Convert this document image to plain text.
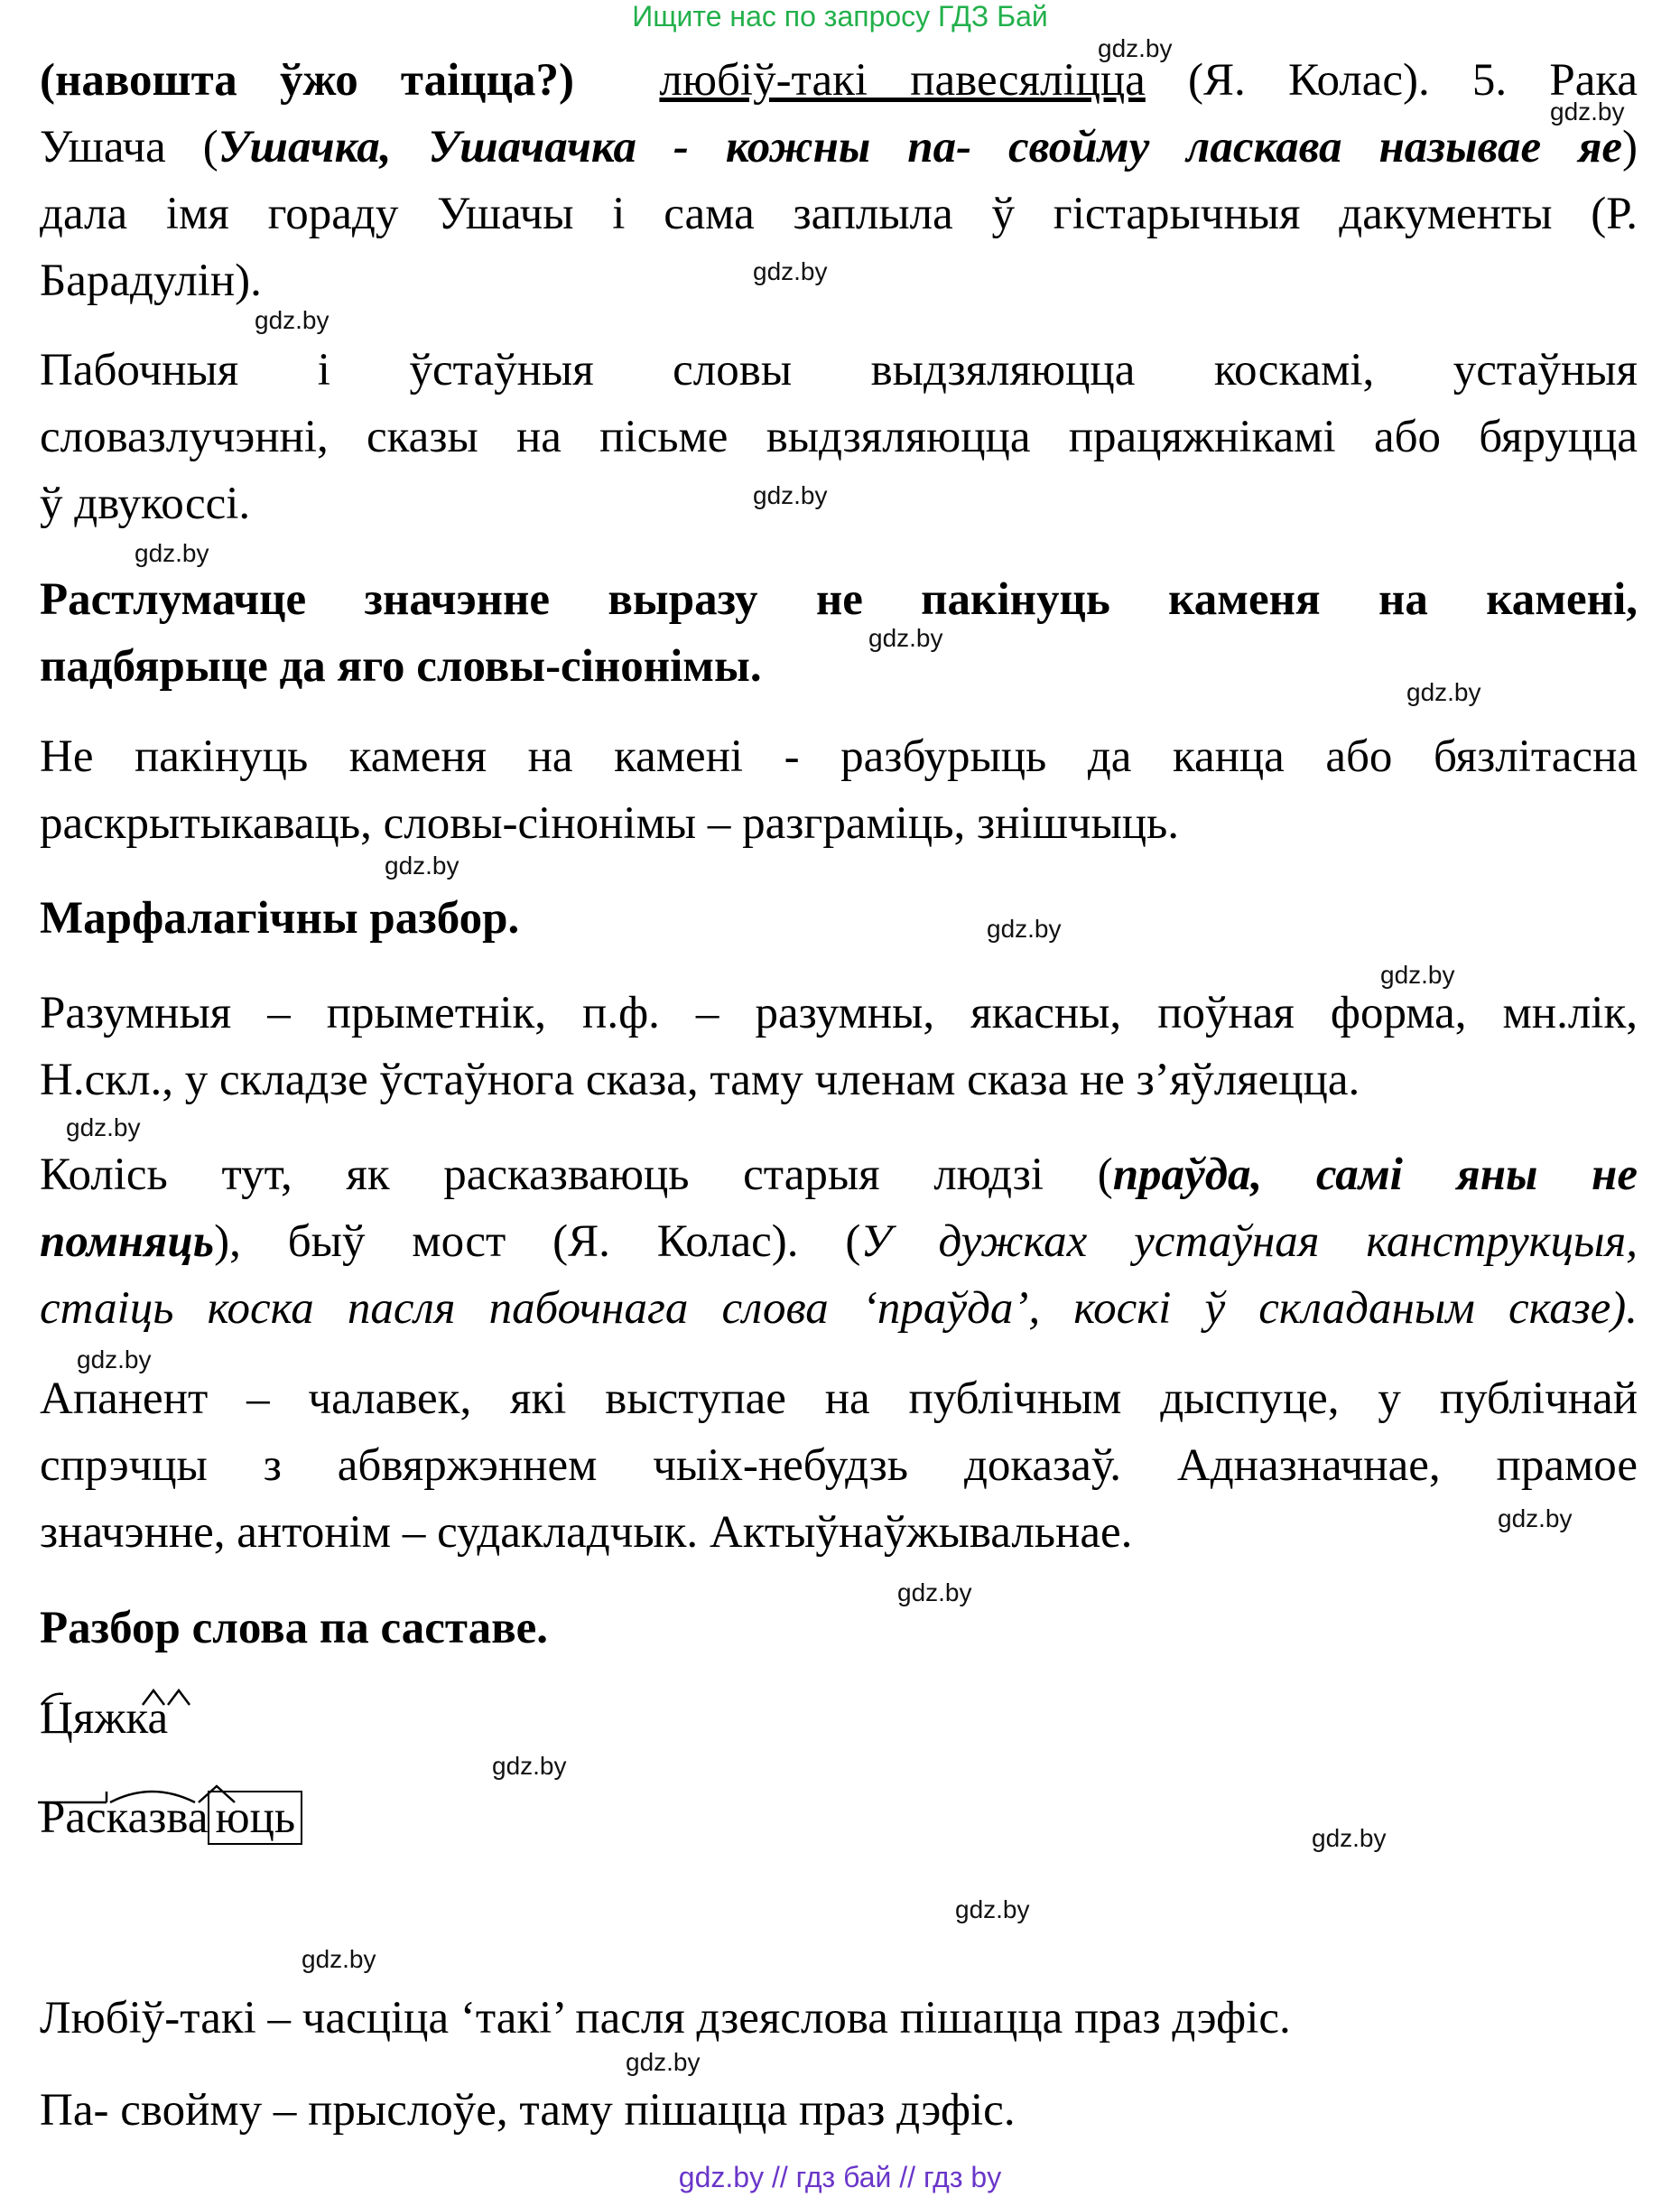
Ищите нас по запросу ГДЗ Бай
(навошта ўжо таіцца?) любіў-такі павесяліцца (Я. Колас). 5. Рака
Ушача (Ушачка, Ушачачка - кожны па- свойму ласкава называе яе)
дала імя гораду Ушачы і сама заплыла ў гістарычныя дакументы (Р.
Барадулін).
Пабочныя і ўстаўныя словы выдзяляюцца коскамі, устаўныя
словазлучэнні, сказы на пісьме выдзяляюцца працяжнікамі або бяруцца
ў двукоссі.
Растлумачце значэнне выразу не пакінуць каменя на камені,
падбярыце да яго словы-сінонімы.
Не пакінуць каменя на камені - разбурыць да канца або бязлітасна
раскрытыкаваць, словы-сінонімы – разграміць, знішчыць.
Марфалагічны разбор.
Разумныя – прыметнік, п.ф. – разумны, якасны, поўная форма, мн.лік,
Н.скл., у складзе ўстаўнога сказа, таму членам сказа не з’яўляецца.
Колісь тут, як расказваюць старыя людзі (праўда, самі яны не
помняць), быў мост (Я. Колас). (У дужках устаўная канструкцыя,
стаіць коска пасля пабочнага слова ‘праўда’, коскі ў складаным сказе).
Апанент – чалавек, які выступае на публічным дыспуце, у публічнай
спрэчцы з абвяржэннем чыіх-небудзь доказаў. Адназначнае, прамое
значэнне, антонім – судакладчык. Актыўнаўжывальнае.
Разбор слова па саставе.
Цяжка
Расказва юць
Любіў-такі – часціца ‘такі’ пасля дзеяслова пішацца праз дэфіс.
Па- свойму – прыслоўе, таму пішацца праз дэфіс.
gdz.by
gdz.by
gdz.by
gdz.by
gdz.by
gdz.by
gdz.by
gdz.by
gdz.by
gdz.by
gdz.by
gdz.by
gdz.by
gdz.by
gdz.by
gdz.by
gdz.by
gdz.by
gdz.by
gdz.by
gdz.by // гдз бай // гдз by
